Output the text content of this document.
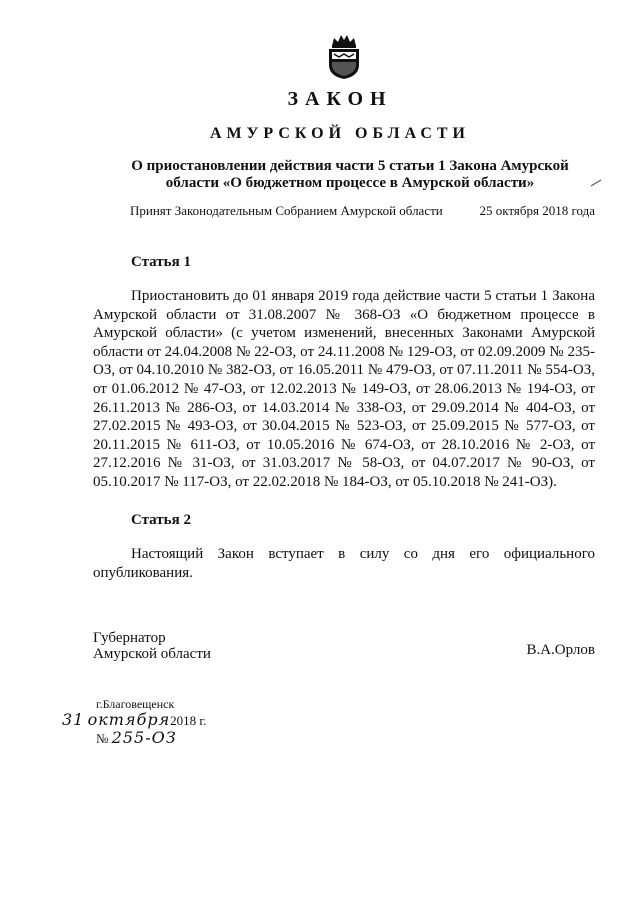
ЗАКОН
АМУРСКОЙ ОБЛАСТИ
О приостановлении действия части 5 статьи 1 Закона Амурской
области «О бюджетном процессе в Амурской области»
Принят Законодательным Собранием Амурской области	25 октября 2018 года
Статья 1

Приостановить до 01 января 2019 года действие части 5 статьи 1 Закона Амурской области от 31.08.2007 № 368-ОЗ «О бюджетном процессе в Амурской области» (с учетом изменений, внесенных Законами Амурской области от 24.04.2008 № 22-ОЗ, от 24.11.2008 № 129-ОЗ, от 02.09.2009 № 235-ОЗ, от 04.10.2010 № 382-ОЗ, от 16.05.2011 № 479-ОЗ, от 07.11.2011 № 554-ОЗ, от 01.06.2012 № 47-ОЗ, от 12.02.2013 № 149-ОЗ, от 28.06.2013 № 194-ОЗ, от 26.11.2013 № 286-ОЗ, от 14.03.2014 № 338-ОЗ, от 29.09.2014 № 404-ОЗ, от 27.02.2015 № 493-ОЗ, от 30.04.2015 № 523-ОЗ, от 25.09.2015 № 577-ОЗ, от 20.11.2015 № 611-ОЗ, от 10.05.2016 № 674-ОЗ, от 28.10.2016 № 2-ОЗ, от 27.12.2016 № 31-ОЗ, от 31.03.2017 № 58-ОЗ, от 04.07.2017 № 90-ОЗ, от 05.10.2017 № 117-ОЗ, от 22.02.2018 № 184-ОЗ, от 05.10.2018 № 241-ОЗ).

Статья 2

Настоящий Закон вступает в силу со дня его официального опубликования.

Губернатор
Амурской области	В.А.Орлов
г.Благовещенск
31 октября2018 г.
№ 255-ОЗ
